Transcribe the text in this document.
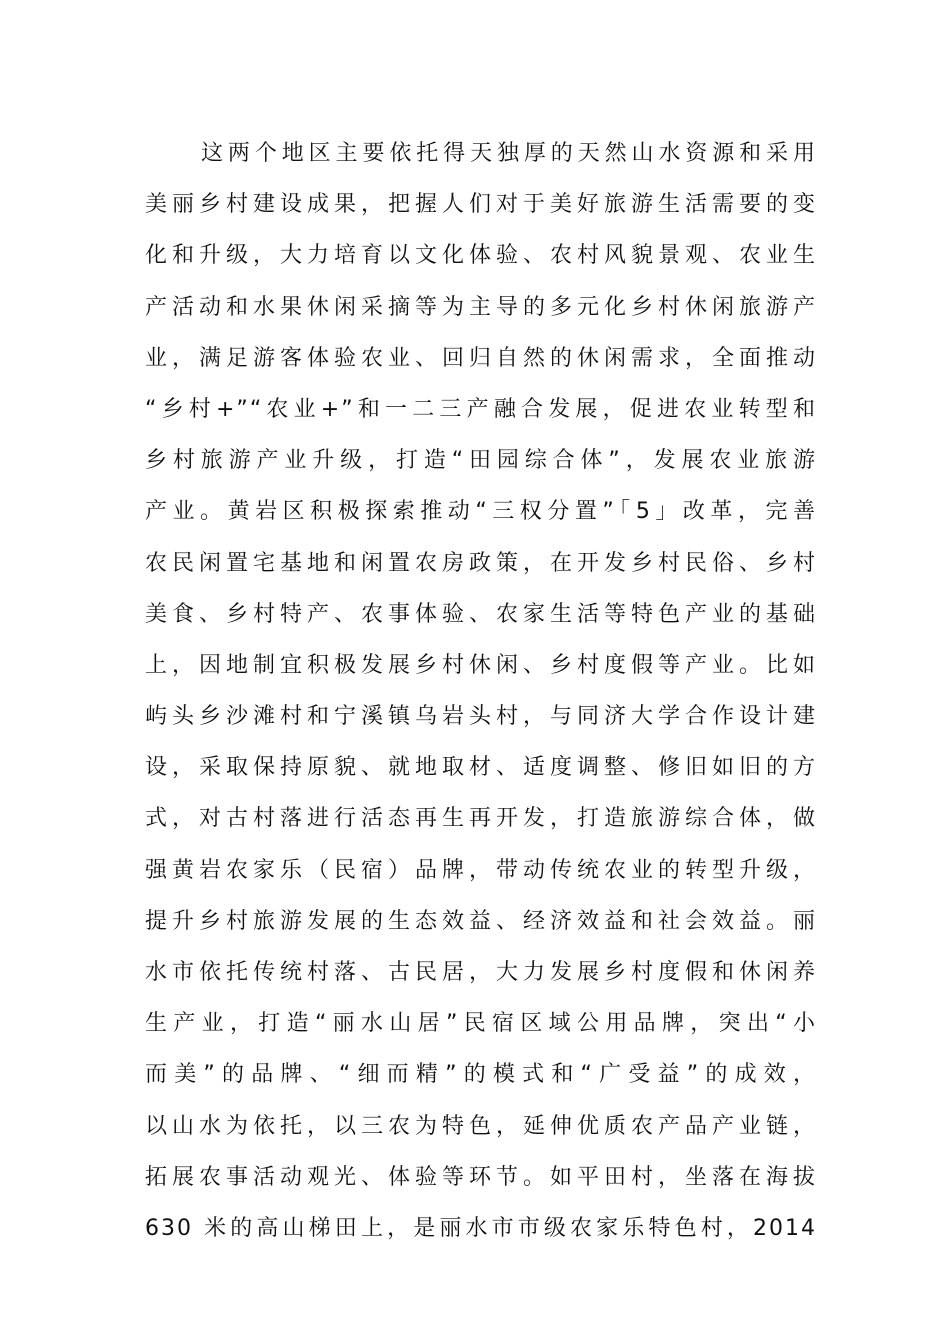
这两个地区主要依托得天独厚的天然山水资源和采用
美丽乡村建设成果，把握人们对于美好旅游生活需要的变
化和升级，大力培育以文化体验、农村风貌景观、农业生
产活动和水果休闲采摘等为主导的多元化乡村休闲旅游产
业，满足游客体验农业、回归自然的休闲需求，全面推动
“乡村+”“农业+”和一二三产融合发展，促进农业转型和
乡村旅游产业升级，打造“田园综合体”，发展农业旅游
产业。黄岩区积极探索推动“三权分置”「5」改革，完善
农民闲置宅基地和闲置农房政策，在开发乡村民俗、乡村
美食、乡村特产、农事体验、农家生活等特色产业的基础
上，因地制宜积极发展乡村休闲、乡村度假等产业。比如
屿头乡沙滩村和宁溪镇乌岩头村，与同济大学合作设计建
设，采取保持原貌、就地取材、适度调整、修旧如旧的方
式，对古村落进行活态再生再开发，打造旅游综合体，做
强黄岩农家乐（民宿）品牌，带动传统农业的转型升级，
提升乡村旅游发展的生态效益、经济效益和社会效益。丽
水市依托传统村落、古民居，大力发展乡村度假和休闲养
生产业，打造“丽水山居”民宿区域公用品牌，突出“小
而美”的品牌、“细而精”的模式和“广受益”的成效，
以山水为依托，以三农为特色，延伸优质农产品产业链，
拓展农事活动观光、体验等环节。如平田村，坐落在海拔
630 米的高山梯田上，是丽水市市级农家乐特色村，2014
